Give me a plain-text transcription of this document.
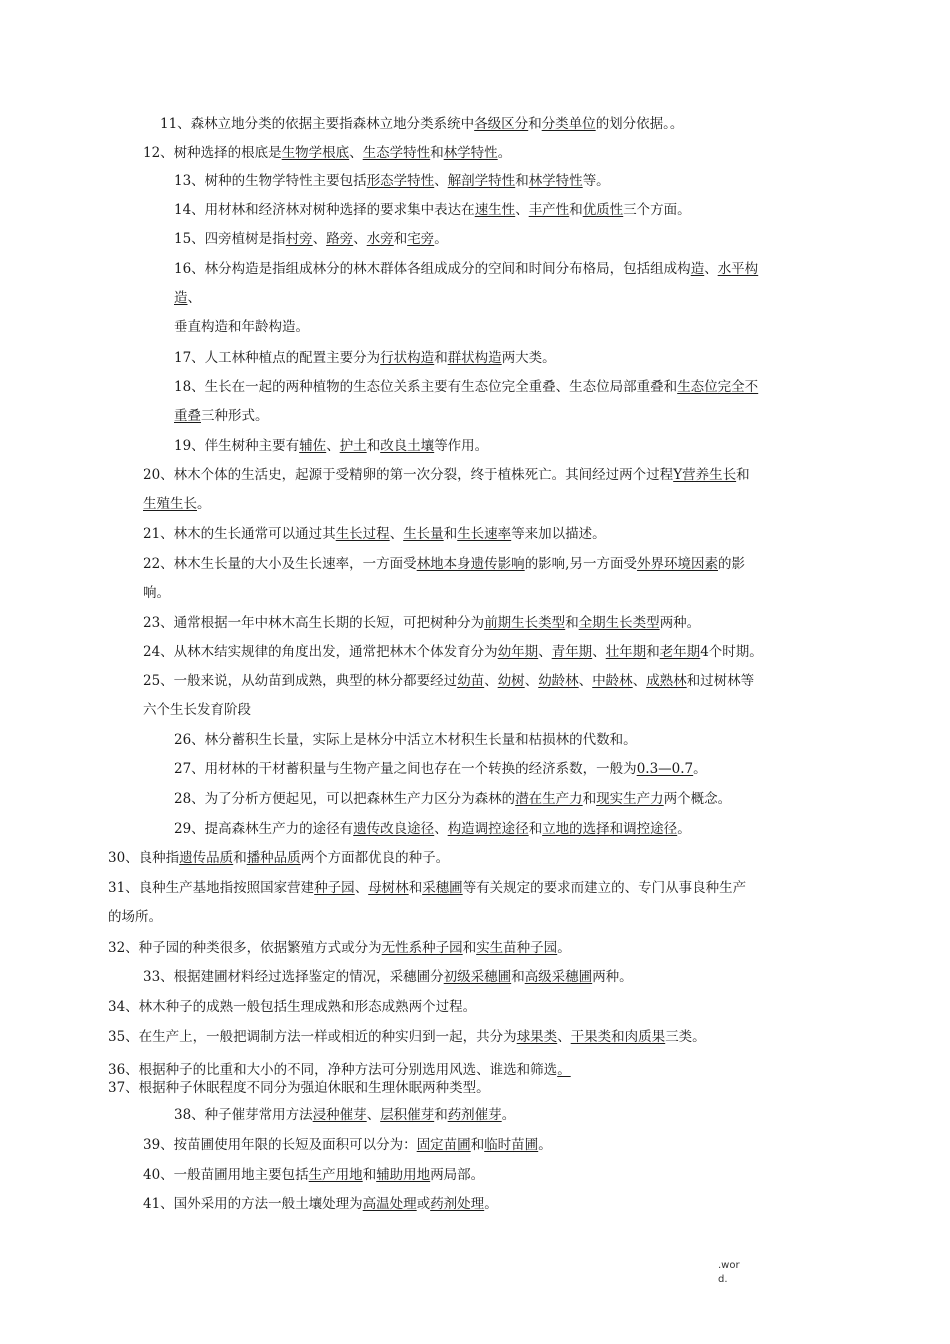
11、森林立地分类的依据主要指森林立地分类系统中各级区分和分类单位的划分依据。。
12、树种选择的根底是生物学根底、生态学特性和林学特性。
13、树种的生物学特性主要包括形态学特性、解剖学特性和林学特性等。
14、用材林和经济林对树种选择的要求集中表达在速生性、丰产性和优质性三个方面。
15、四旁植树是指村旁、路旁、水旁和宅旁。
16、林分构造是指组成林分的林木群体各组成成分的空间和时间分布格局，包括组成构造、水平构
造、
垂直构造和年龄构造。
17、人工林种植点的配置主要分为行状构造和群状构造两大类。
18、生长在一起的两种植物的生态位关系主要有生态位完全重叠、生态位局部重叠和生态位完全不
重叠三种形式。
19、伴生树种主要有辅佐、护土和改良土壤等作用。
20、林木个体的生活史，起源于受精卵的第一次分裂，终于植株死亡。其间经过两个过程Y营养生长和
生殖生长。
21、林木的生长通常可以通过其生长过程、生长量和生长速率等来加以描述。
22、林木生长量的大小及生长速率，一方面受林地本身遗传影响的影响,另一方面受外界环境因素的影
响。
23、通常根据一年中林木高生长期的长短，可把树种分为前期生长类型和全期生长类型两种。
24、从林木结实规律的角度出发，通常把林木个体发育分为幼年期、青年期、壮年期和老年期4个时期。
25、一般来说，从幼苗到成熟，典型的林分都要经过幼苗、幼树、幼龄林、中龄林、成熟林和过树林等
六个生长发育阶段
26、林分蓄积生长量，实际上是林分中活立木材积生长量和枯损林的代数和。
27、用材林的干材蓄积量与生物产量之间也存在一个转换的经济系数，一般为0.3—0.7。
28、为了分析方便起见，可以把森林生产力区分为森林的潜在生产力和现实生产力两个概念。
29、提高森林生产力的途径有遗传改良途径、构造调控途径和立地的选择和调控途径。
30、良种指遗传品质和播种品质两个方面都优良的种子。
31、良种生产基地指按照国家营建种子园、母树林和采穗圃等有关规定的要求而建立的、专门从事良种生产
的场所。
32、种子园的种类很多，依据繁殖方式或分为无性系种子园和实生苗种子园。
33、根据建圃材料经过选择鉴定的情况，采穗圃分初级采穗圃和高级采穗圃两种。
34、林木种子的成熟一般包括生理成熟和形态成熟两个过程。
35、在生产上，一般把调制方法一样或相近的种实归到一起，共分为球果类、干果类和肉质果三类。
36、根据种子的比重和大小的不同，净种方法可分别选用风选、谁选和筛选。
37、根据种子休眠程度不同分为强迫休眠和生理休眠两种类型。
38、种子催芽常用方法浸种催芽、层积催芽和药剂催芽。
39、按苗圃使用年限的长短及面积可以分为：固定苗圃和临时苗圃。
40、一般苗圃用地主要包括生产用地和辅助用地两局部。
41、国外采用的方法一般土壤处理为高温处理或药剂处理。
.wor
d.
